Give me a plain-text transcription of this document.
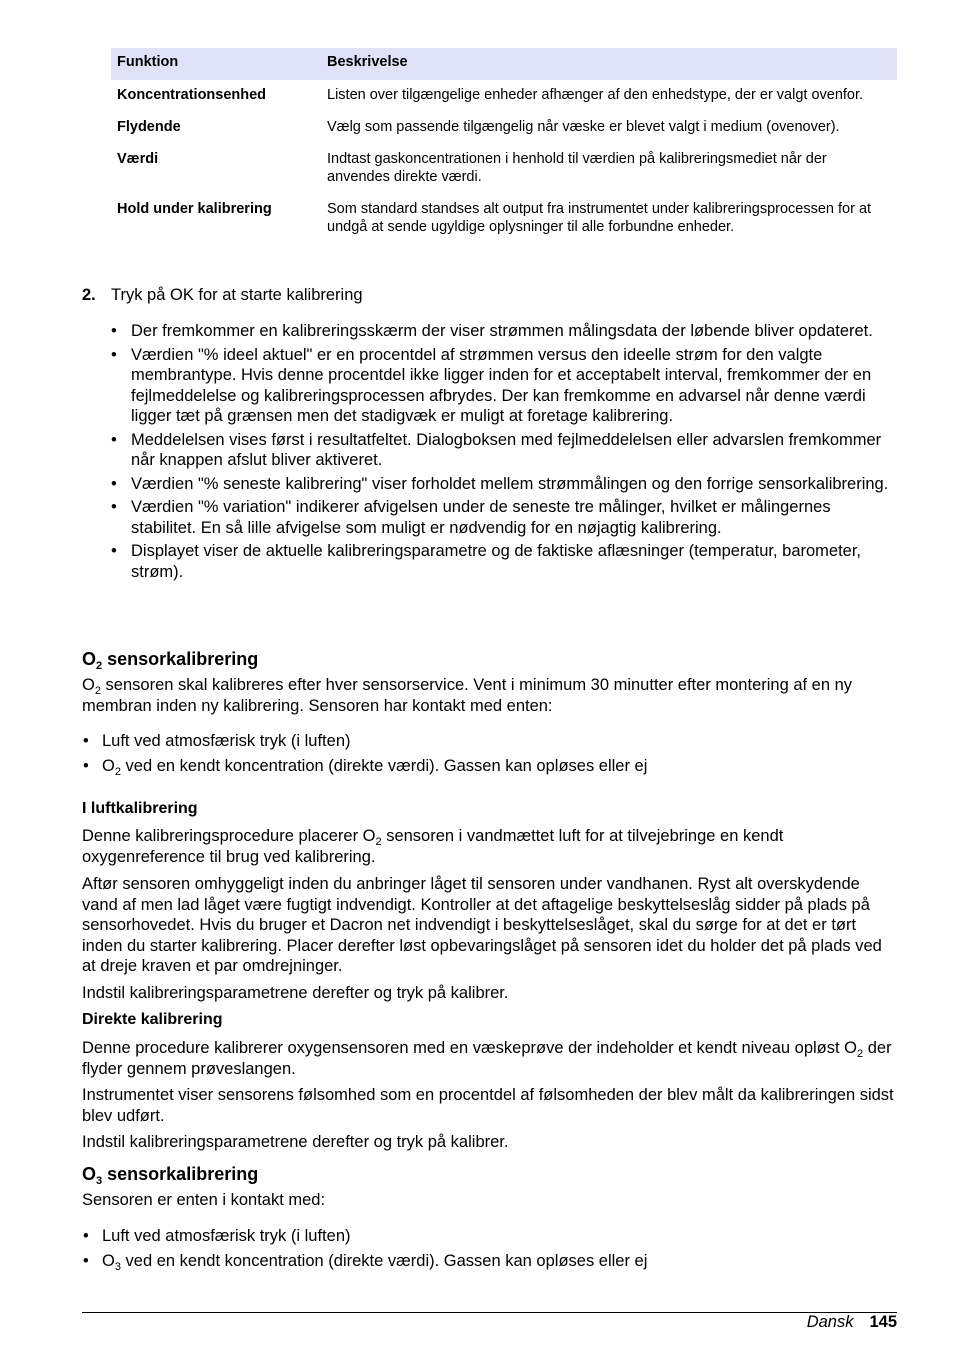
Funktion	Beskrivelse
Koncentrationsenhed	Listen over tilgængelige enheder afhænger af den enhedstype, der er valgt ovenfor.
Flydende	Vælg som passende tilgængelig når væske er blevet valgt i medium (ovenover).
Værdi	Indtast gaskoncentrationen i henhold til værdien på kalibreringsmediet når der anvendes direkte værdi.
Hold under kalibrering	Som standard standses alt output fra instrumentet under kalibreringsprocessen for at undgå at sende ugyldige oplysninger til alle forbundne enheder.
2. Tryk på OK for at starte kalibrering

• Der fremkommer en kalibreringsskærm der viser strømmen målingsdata der løbende bliver opdateret.
• Værdien "% ideel aktuel" er en procentdel af strømmen versus den ideelle strøm for den valgte membrantype. Hvis denne procentdel ikke ligger inden for et acceptabelt interval, fremkommer der en fejlmeddelelse og kalibreringsprocessen afbrydes. Der kan fremkomme en advarsel når denne værdi ligger tæt på grænsen men det stadigvæk er muligt at foretage kalibrering.
• Meddelelsen vises først i resultatfeltet. Dialogboksen med fejlmeddelelsen eller advarslen fremkommer når knappen afslut bliver aktiveret.
• Værdien "% seneste kalibrering" viser forholdet mellem strømmålingen og den forrige sensorkalibrering.
• Værdien "% variation" indikerer afvigelsen under de seneste tre målinger, hvilket er målingernes stabilitet. En så lille afvigelse som muligt er nødvendig for en nøjagtig kalibrering.
• Displayet viser de aktuelle kalibreringsparametre og de faktiske aflæsninger (temperatur, barometer, strøm).
$O_2$ sensorkalibrering

$O_2$ sensoren skal kalibreres efter hver sensorservice. Vent i minimum 30 minutter efter montering af en ny membran inden ny kalibrering. Sensoren har kontakt med enten:

• Luft ved atmosfærisk tryk (i luften)
• $O_2$ ved en kendt koncentration (direkte værdi). Gassen kan opløses eller ej
I luftkalibrering

Denne kalibreringsprocedure placerer $O_2$ sensoren i vandmættet luft for at tilvejebringe en kendt oxygenreference til brug ved kalibrering.

Aftør sensoren omhyggeligt inden du anbringer låget til sensoren under vandhanen. Ryst alt overskydende vand af men lad låget være fugtigt indvendigt. Kontroller at det aftagelige beskyttelseslåg sidder på plads på sensorhovedet. Hvis du bruger et Dacron net indvendigt i beskyttelseslåget, skal du sørge for at det er tørt inden du starter kalibrering. Placer derefter løst opbevaringslåget på sensoren idet du holder det på plads ved at dreje kraven et par omdrejninger.

Indstil kalibreringsparametrene derefter og tryk på kalibrer.

Direkte kalibrering

Denne procedure kalibrerer oxygensensoren med en væskeprøve der indeholder et kendt niveau opløst $O_2$ der flyder gennem prøveslangen.

Instrumentet viser sensorens følsomhed som en procentdel af følsomheden der blev målt da kalibreringen sidst blev udført.

Indstil kalibreringsparametrene derefter og tryk på kalibrer.

$O_3$ sensorkalibrering

Sensoren er enten i kontakt med:

• Luft ved atmosfærisk tryk (i luften)
• $O_3$ ved en kendt koncentration (direkte værdi). Gassen kan opløses eller ej
Dansk 145
